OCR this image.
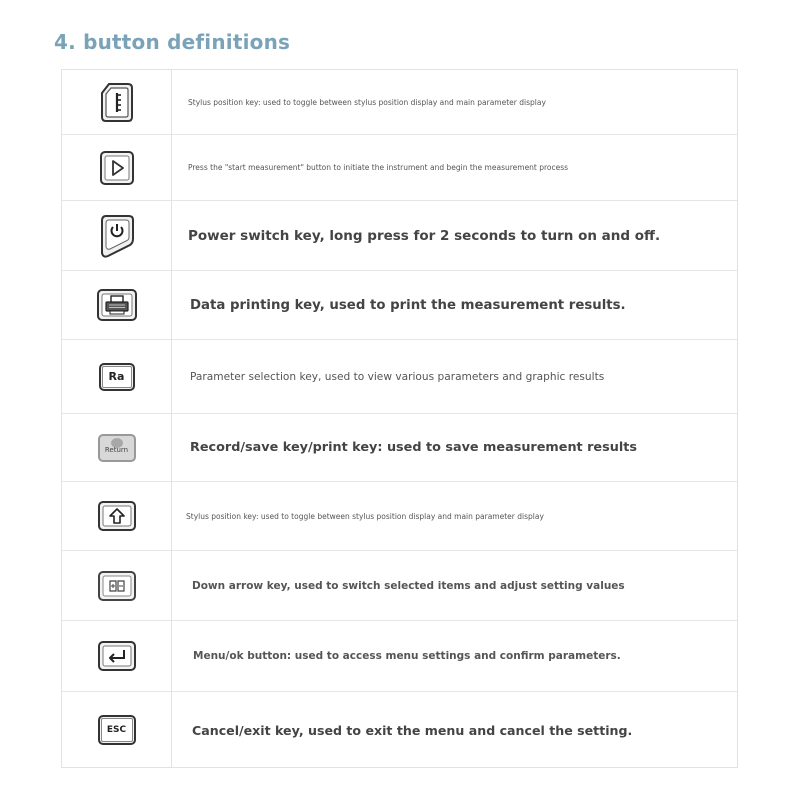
4. button definitions
Stylus position key: used to toggle between stylus position display and main parameter display
Press the "start measurement" button to initiate the instrument and begin the measurement process
Power switch key, long press for 2 seconds to turn on and off.
Data printing key, used to print the measurement results.
Ra	Parameter selection key, used to view various parameters and graphic results
Return	Record/save key/print key: used to save measurement results
Stylus position key: used to toggle between stylus position display and main parameter display
Down arrow key, used to switch selected items and adjust setting values
Menu/ok button: used to access menu settings and confirm parameters.
ESC	Cancel/exit key, used to exit the menu and cancel the setting.
